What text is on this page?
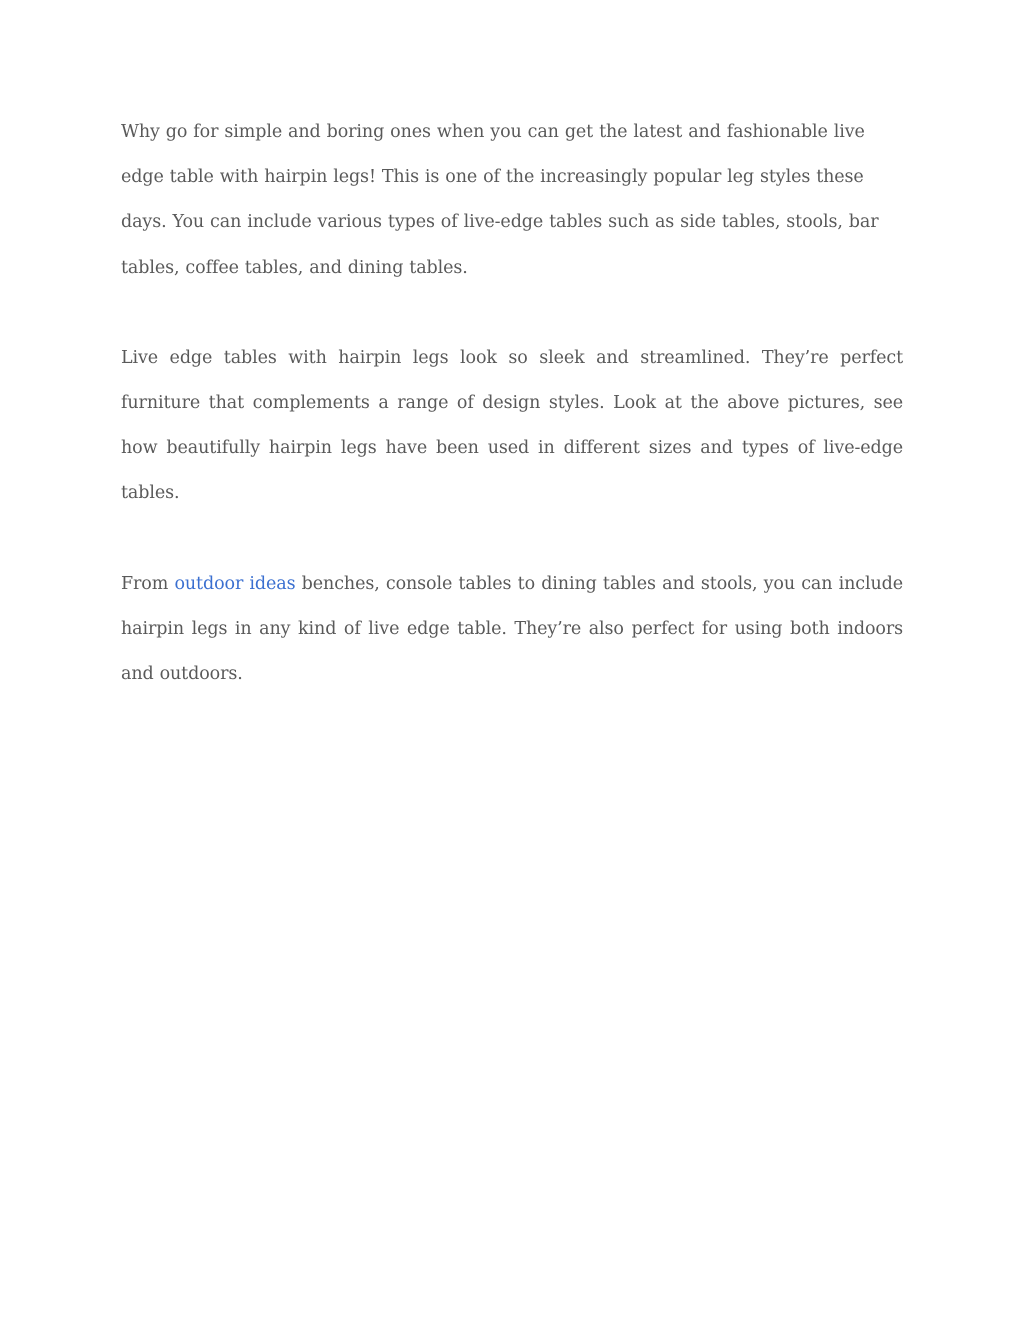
Why go for simple and boring ones when you can get the latest and fashionable live edge table with hairpin legs! This is one of the increasingly popular leg styles these days. You can include various types of live-edge tables such as side tables, stools, bar tables, coffee tables, and dining tables.

Live edge tables with hairpin legs look so sleek and streamlined. They’re perfect furniture that complements a range of design styles. Look at the above pictures, see how beautifully hairpin legs have been used in different sizes and types of live-edge tables.

From outdoor ideas benches, console tables to dining tables and stools, you can include hairpin legs in any kind of live edge table. They’re also perfect for using both indoors and outdoors.
